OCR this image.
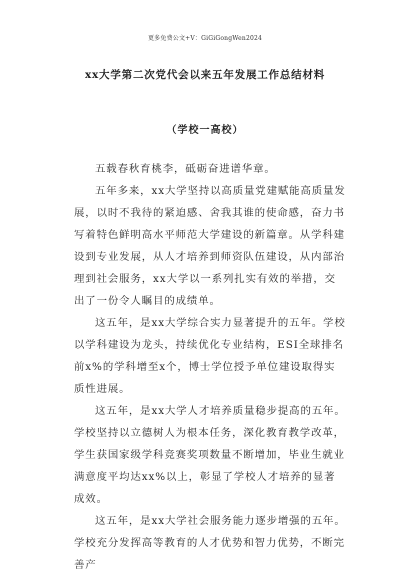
更多免费公文+V：GiGiGongWen2024
xx大学第二次党代会以来五年发展工作总结材料
（学校一高校）

五载春秋育桃李，砥砺奋进谱华章。

五年多来，xx大学坚持以高质量党建赋能高质量发展，以时不我待的紧迫感、舍我其谁的使命感，奋力书写着特色鲜明高水平师范大学建设的新篇章。从学科建设到专业发展，从人才培养到师资队伍建设，从内部治理到社会服务，xx大学以一系列扎实有效的举措，交出了一份令人瞩目的成绩单。

这五年，是xx大学综合实力显著提升的五年。学校以学科建设为龙头，持续优化专业结构，ESI全球排名前x%的学科增至x个，博士学位授予单位建设取得实质性进展。

这五年，是xx大学人才培养质量稳步提高的五年。学校坚持以立德树人为根本任务，深化教育教学改革，学生获国家级学科竞赛奖项数量不断增加，毕业生就业满意度平均达xx%以上，彰显了学校人才培养的显著成效。

这五年，是xx大学社会服务能力逐步增强的五年。学校充分发挥高等教育的人才优势和智力优势，不断完善产
